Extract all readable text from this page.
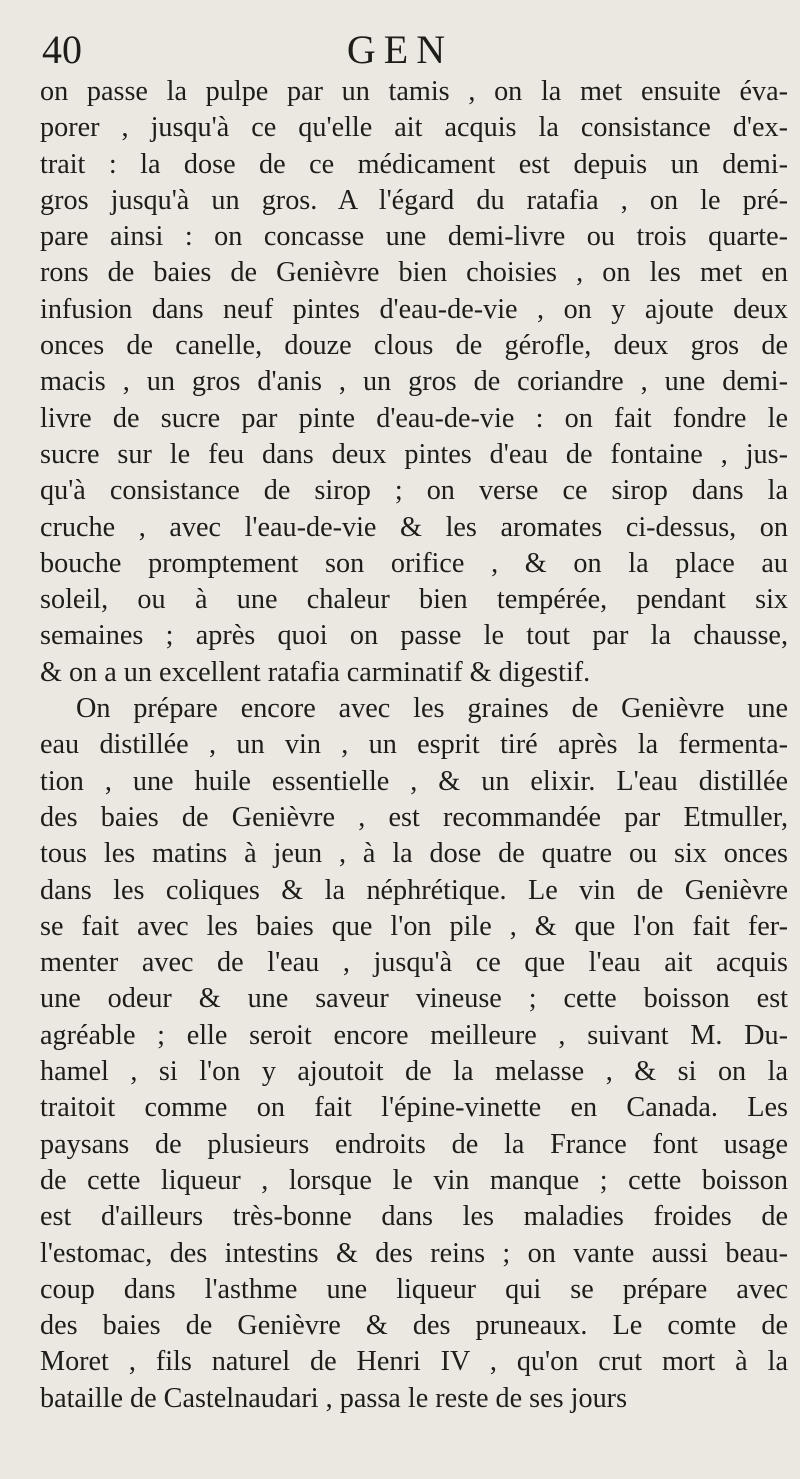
40	GEN
on passe la pulpe par un tamis , on la met ensuite éva-
porer , jusqu'à ce qu'elle ait acquis la consistance d'ex-
trait : la dose de ce médicament est depuis un demi-
gros jusqu'à un gros. A l'égard du ratafia , on le pré-
pare ainsi : on concasse une demi-livre ou trois quarte-
rons de baies de Genièvre bien choisies , on les met en
infusion dans neuf pintes d'eau-de-vie , on y ajoute deux
onces de canelle, douze clous de gérofle, deux gros de
macis , un gros d'anis , un gros de coriandre , une demi-
livre de sucre par pinte d'eau-de-vie : on fait fondre le
sucre sur le feu dans deux pintes d'eau de fontaine , jus-
qu'à consistance de sirop ; on verse ce sirop dans la
cruche , avec l'eau-de-vie & les aromates ci-dessus, on
bouche promptement son orifice , & on la place au
soleil, ou à une chaleur bien tempérée, pendant six
semaines ; après quoi on passe le tout par la chausse,
& on a un excellent ratafia carminatif & digestif.
On prépare encore avec les graines de Genièvre une
eau distillée , un vin , un esprit tiré après la fermenta-
tion , une huile essentielle , & un elixir. L'eau distillée
des baies de Genièvre , est recommandée par Etmuller,
tous les matins à jeun , à la dose de quatre ou six onces
dans les coliques & la néphrétique. Le vin de Genièvre
se fait avec les baies que l'on pile , & que l'on fait fer-
menter avec de l'eau , jusqu'à ce que l'eau ait acquis
une odeur & une saveur vineuse ; cette boisson est
agréable ; elle seroit encore meilleure , suivant M. Du-
hamel , si l'on y ajoutoit de la melasse , & si on la
traitoit comme on fait l'épine-vinette en Canada. Les
paysans de plusieurs endroits de la France font usage
de cette liqueur , lorsque le vin manque ; cette boisson
est d'ailleurs très-bonne dans les maladies froides de
l'estomac, des intestins & des reins ; on vante aussi beau-
coup dans l'asthme une liqueur qui se prépare avec
des baies de Genièvre & des pruneaux. Le comte de
Moret , fils naturel de Henri IV , qu'on crut mort à la
bataille de Castelnaudari , passa le reste de ses jours
